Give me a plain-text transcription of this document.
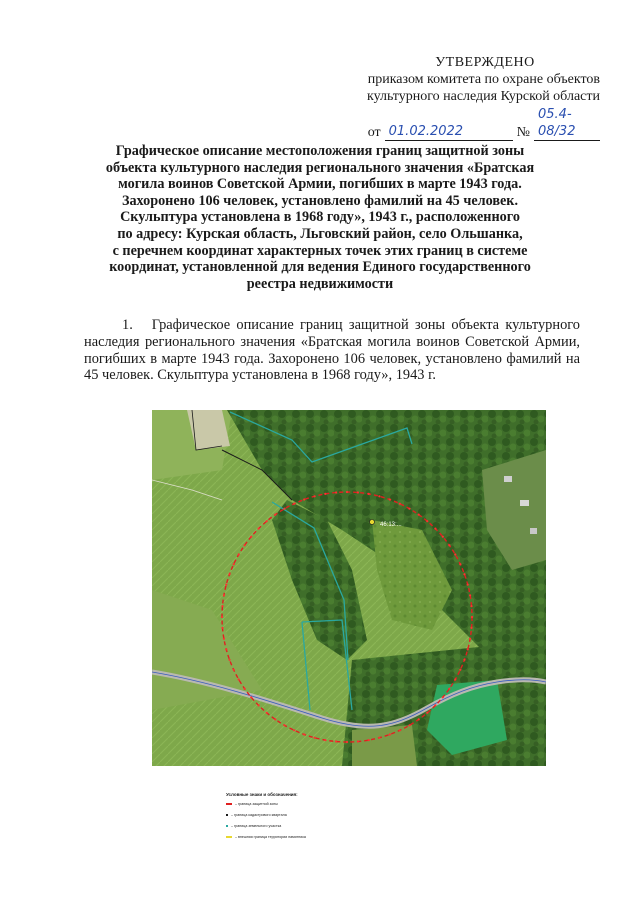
УТВЕРЖДЕНО
приказом комитета по охране объектов
культурного наследия Курской области
от 01.02.2022	№
05.4-08/32
Графическое описание местоположения границ защитной зоны
объекта культурного наследия регионального значения «Братская
могила воинов Советской Армии, погибших в марте 1943 года.
Захоронено 106 человек, установлено фамилий на 45 человек.
Скульптура установлена в 1968 году», 1943 г., расположенного
по адресу: Курская область, Льговский район, село Ольшанка,
с перечнем координат характерных точек этих границ в системе
координат, установленной для ведения Единого государственного
реестра недвижимости
1. Графическое описание границ защитной зоны объекта культурного наследия регионального значения «Братская могила воинов Советской Армии, погибших в марте 1943 года. Захоронено 106 человек, установлено фамилий на 45 человек. Скульптура установлена в 1968 году», 1943 г.
46:13:...
Условные знаки и обозначения:
– граница защитной зоны
– граница кадастрового квартала
– граница земельного участка
– внешняя граница территории памятника
